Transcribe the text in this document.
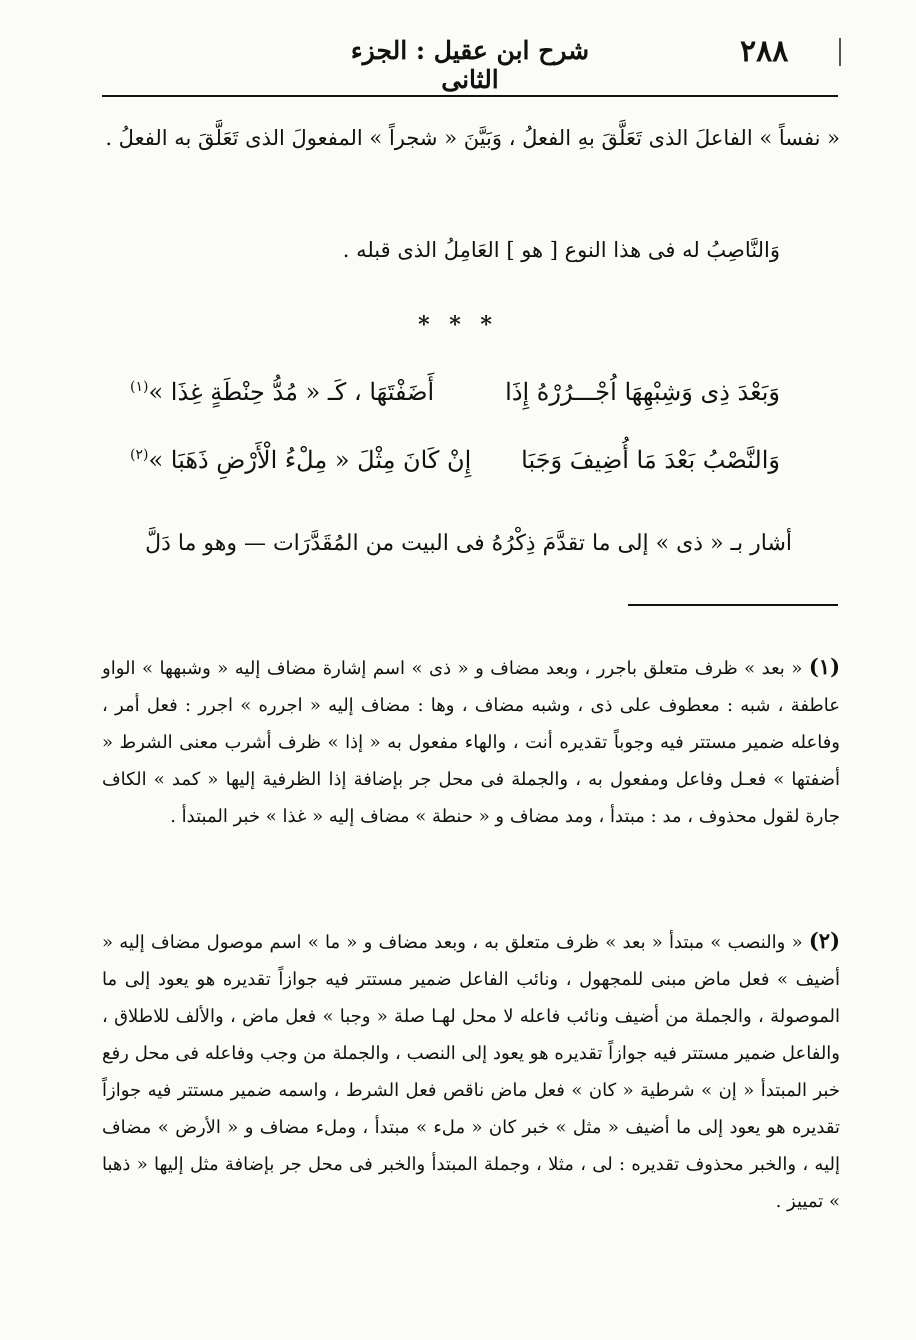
٢٨٨
شرح ابن عقيل : الجزء الثانى
« نفساً » الفاعلَ الذى تَعَلَّقَ بهِ الفعلُ ، وَبَيَّنَ « شجراً » المفعولَ الذى تَعَلَّقَ به الفعلُ .
وَالنَّاصِبُ له فى هذا النوع [ هو ] العَامِلُ الذى قبله .
* * *
وَبَعْدَ ذِى وَشِبْهِهَا اُجْـــرُرْهُ إِذَا
أَضَفْتَهَا ، كَـ « مُدُّ حِنْطَةٍ غِذَا »$^{(١)}$
وَالنَّصْبُ بَعْدَ مَا أُضِيفَ وَجَبَا
إِنْ كَانَ مِثْلَ « مِلْءُ الْأَرْضِ ذَهَبَا »$^{(٢)}$
أشار بـ « ذى » إلى ما تقدَّمَ ذِكْرُهُ فى البيت من المُقَدَّرَات — وهو ما دَلَّ
(١) « بعد » ظرف متعلق باجرر ، وبعد مضاف و « ذى » اسم إشارة مضاف إليه « وشبهها » الواو عاطفة ، شبه : معطوف على ذى ، وشبه مضاف ، وها : مضاف إليه « اجرره » اجرر : فعل أمر ، وفاعله ضمير مستتر فيه وجوباً تقديره أنت ، والهاء مفعول به « إذا » ظرف أشرب معنى الشرط « أضفتها » فعـل وفاعل ومفعول به ، والجملة فى محل جر بإضافة إذا الظرفية إليها « كمد » الكاف جارة لقول محذوف ، مد : مبتدأ ، ومد مضاف و « حنطة » مضاف إليه « غذا » خبر المبتدأ .
(٢) « والنصب » مبتدأ « بعد » ظرف متعلق به ، وبعد مضاف و « ما » اسم موصول مضاف إليه « أضيف » فعل ماض مبنى للمجهول ، ونائب الفاعل ضمير مستتر فيه جوازاً تقديره هو يعود إلى ما الموصولة ، والجملة من أضيف ونائب فاعله لا محل لهـا صلة « وجبا » فعل ماض ، والألف للاطلاق ، والفاعل ضمير مستتر فيه جوازاً تقديره هو يعود إلى النصب ، والجملة من وجب وفاعله فى محل رفع خبر المبتدأ « إن » شرطية « كان » فعل ماض ناقص فعل الشرط ، واسمه ضمير مستتر فيه جوازاً تقديره هو يعود إلى ما أضيف « مثل » خبر كان « ملء » مبتدأ ، وملء مضاف و « الأرض » مضاف إليه ، والخبر محذوف تقديره : لى ، مثلا ، وجملة المبتدأ والخبر فى محل جر بإضافة مثل إليها « ذهبا » تمييز .
